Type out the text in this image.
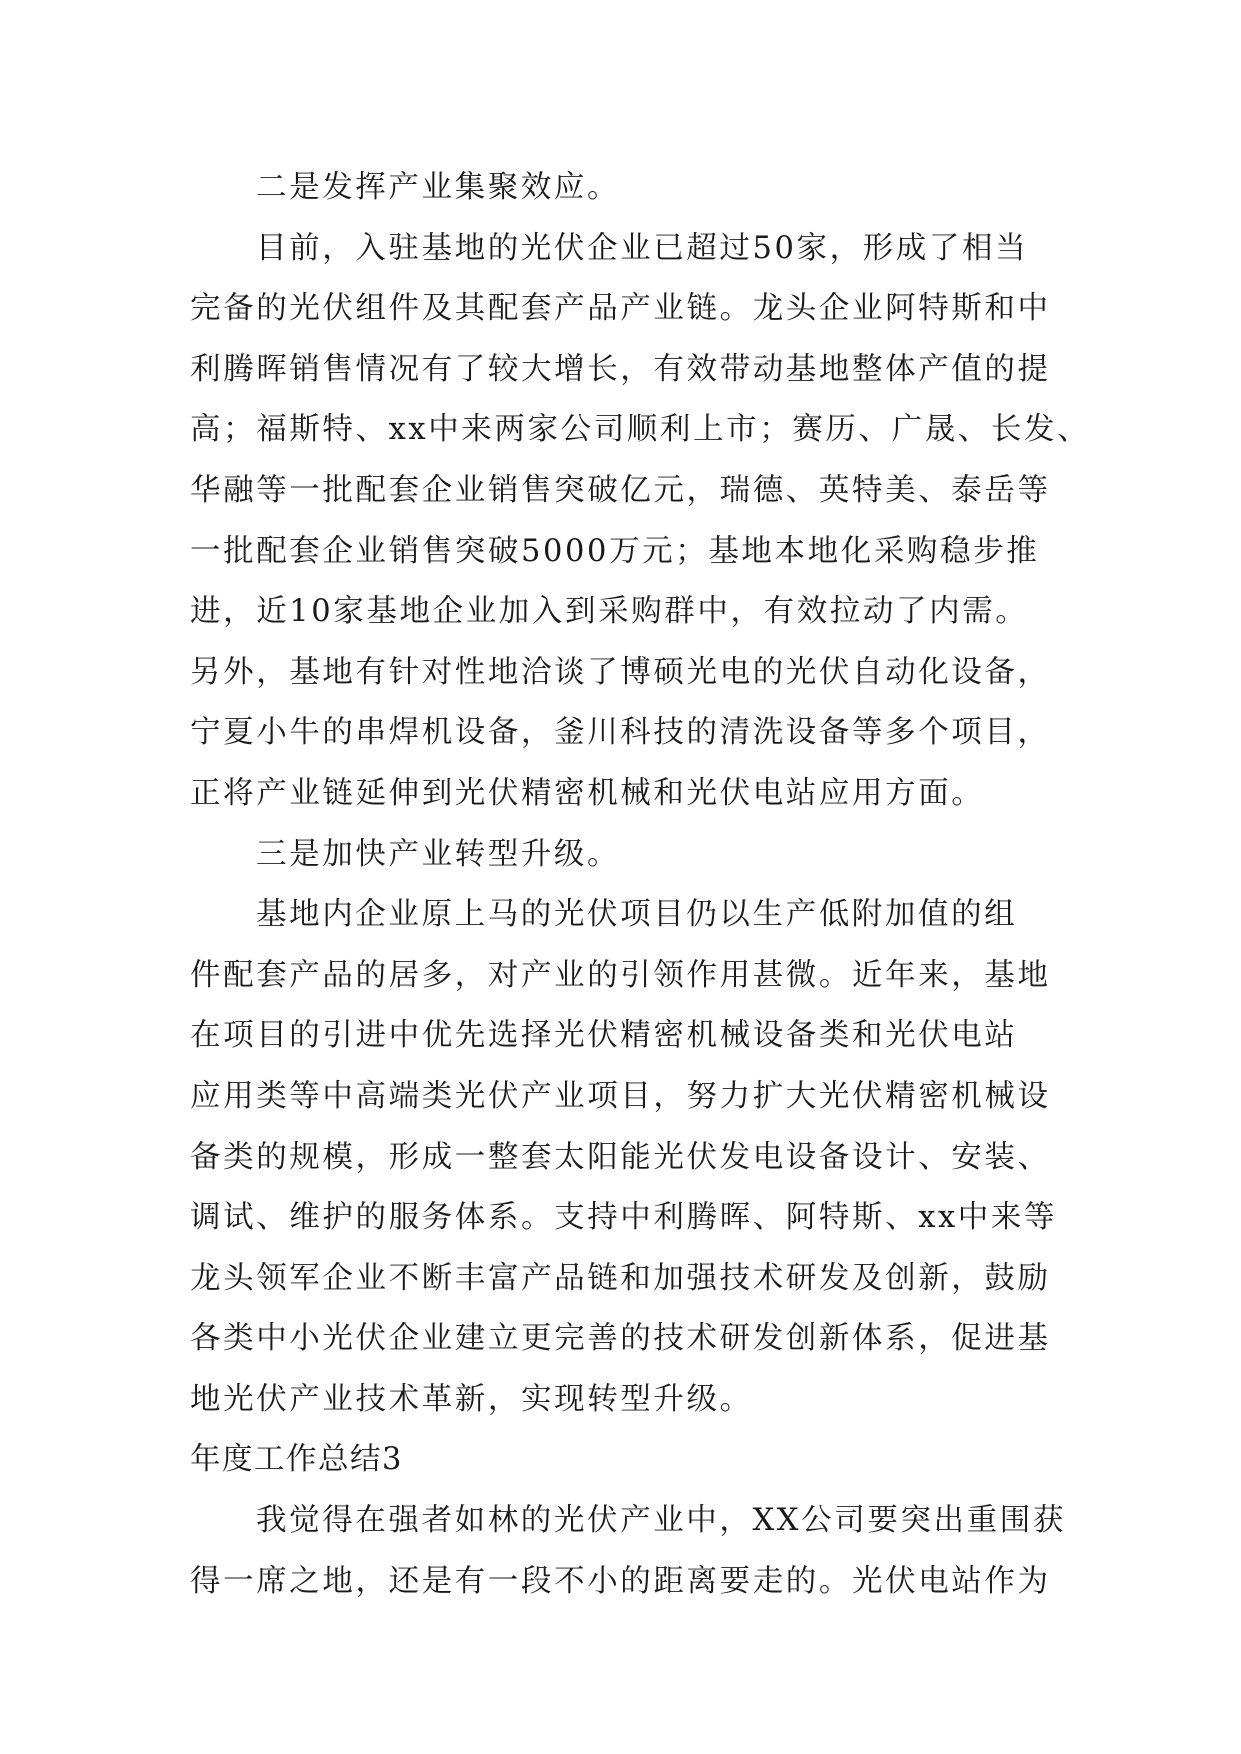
二是发挥产业集聚效应。
目前，入驻基地的光伏企业已超过50家，形成了相当
完备的光伏组件及其配套产品产业链。龙头企业阿特斯和中
利腾晖销售情况有了较大增长，有效带动基地整体产值的提
高；福斯特、xx中来两家公司顺利上市；赛历、广晟、长发、
华融等一批配套企业销售突破亿元，瑞德、英特美、泰岳等
一批配套企业销售突破5000万元；基地本地化采购稳步推
进，近10家基地企业加入到采购群中，有效拉动了内需。
另外，基地有针对性地洽谈了博硕光电的光伏自动化设备，
宁夏小牛的串焊机设备，釜川科技的清洗设备等多个项目，
正将产业链延伸到光伏精密机械和光伏电站应用方面。
三是加快产业转型升级。
基地内企业原上马的光伏项目仍以生产低附加值的组
件配套产品的居多，对产业的引领作用甚微。近年来，基地
在项目的引进中优先选择光伏精密机械设备类和光伏电站
应用类等中高端类光伏产业项目，努力扩大光伏精密机械设
备类的规模，形成一整套太阳能光伏发电设备设计、安装、
调试、维护的服务体系。支持中利腾晖、阿特斯、xx中来等
龙头领军企业不断丰富产品链和加强技术研发及创新，鼓励
各类中小光伏企业建立更完善的技术研发创新体系，促进基
地光伏产业技术革新，实现转型升级。
年度工作总结3
我觉得在强者如林的光伏产业中，XX公司要突出重围获
得一席之地，还是有一段不小的距离要走的。光伏电站作为
